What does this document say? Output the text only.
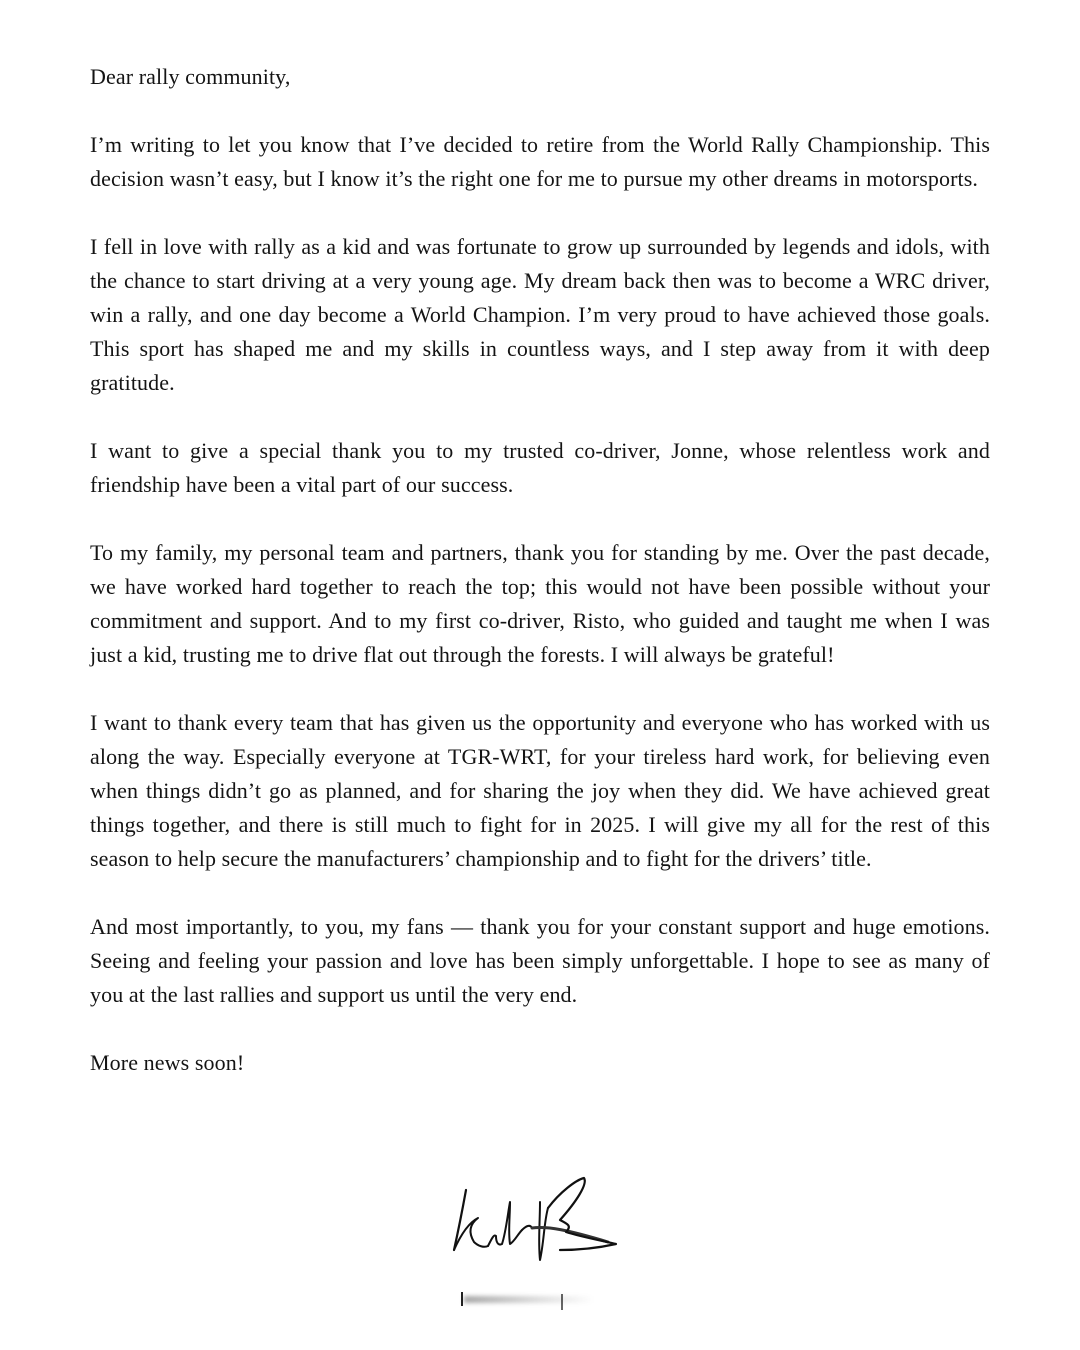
Dear rally community,

I’m writing to let you know that I’ve decided to retire from the World Rally Championship. This decision wasn’t easy, but I know it’s the right one for me to pursue my other dreams in motorsports.

I fell in love with rally as a kid and was fortunate to grow up surrounded by legends and idols, with the chance to start driving at a very young age. My dream back then was to become a WRC driver, win a rally, and one day become a World Champion. I’m very proud to have achieved those goals. This sport has shaped me and my skills in countless ways, and I step away from it with deep gratitude.

I want to give a special thank you to my trusted co-driver, Jonne, whose relentless work and friendship have been a vital part of our success.

To my family, my personal team and partners, thank you for standing by me. Over the past decade, we have worked hard together to reach the top; this would not have been possible without your commitment and support. And to my first co-driver, Risto, who guided and taught me when I was just a kid, trusting me to drive flat out through the forests. I will always be grateful!

I want to thank every team that has given us the opportunity and everyone who has worked with us along the way. Especially everyone at TGR-WRT, for your tireless hard work, for believing even when things didn’t go as planned, and for sharing the joy when they did. We have achieved great things together, and there is still much to fight for in 2025. I will give my all for the rest of this season to help secure the manufacturers’ championship and to fight for the drivers’ title.

And most importantly, to you, my fans — thank you for your constant support and huge emotions. Seeing and feeling your passion and love has been simply unforgettable. I hope to see as many of you at the last rallies and support us until the very end.

More news soon!
